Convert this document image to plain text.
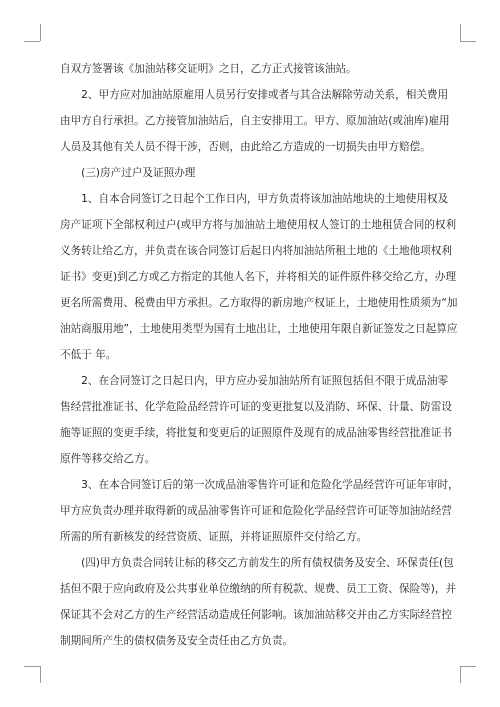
自双方签署该《加油站移交证明》之日，乙方正式接管该油站。
　　2、甲方应对加油站原雇用人员另行安排或者与其合法解除劳动关系，相关费用
由甲方自行承担。乙方接管加油站后，自主安排用工。甲方、原加油站(或油库)雇用
人员及其他有关人员不得干涉，否则，由此给乙方造成的一切损失由甲方赔偿。
　　(三)房产过户及证照办理
　　1、自本合同签订之日起个工作日内，甲方负责将该加油站地块的土地使用权及
房产证项下全部权利过户(或甲方将与加油站土地使用权人签订的土地租赁合同的权利
义务转让给乙方，并负责在该合同签订后起日内将加油站所租土地的《土地他项权利
证书》变更)到乙方或乙方指定的其他人名下，并将相关的证件原件移交给乙方，办理
更名所需费用、税费由甲方承担。乙方取得的新房地产权证上，土地使用性质须为“加
油站商服用地”，土地使用类型为国有土地出让，土地使用年限自新证签发之日起算应
不低于 年。
　　2、在合同签订之日起日内，甲方应办妥加油站所有证照包括但不限于成品油零
售经营批准证书、化学危险品经营许可证的变更批复以及消防、环保、计量、防雷设
施等证照的变更手续，将批复和变更后的证照原件及现有的成品油零售经营批准证书
原件等移交给乙方。
　　3、在本合同签订后的第一次成品油零售许可证和危险化学品经营许可证年审时，
甲方应负责办理并取得新的成品油零售许可证和危险化学品经营许可证等加油站经营
所需的所有新核发的经营资质、证照，并将证照原件交付给乙方。
　　(四)甲方负责合同转让标的移交乙方前发生的所有债权债务及安全、环保责任(包
括但不限于应向政府及公共事业单位缴纳的所有税款、规费、员工工资、保险等)，并
保证其不会对乙方的生产经营活动造成任何影响。该加油站移交并由乙方实际经营控
制期间所产生的债权债务及安全责任由乙方负责。
